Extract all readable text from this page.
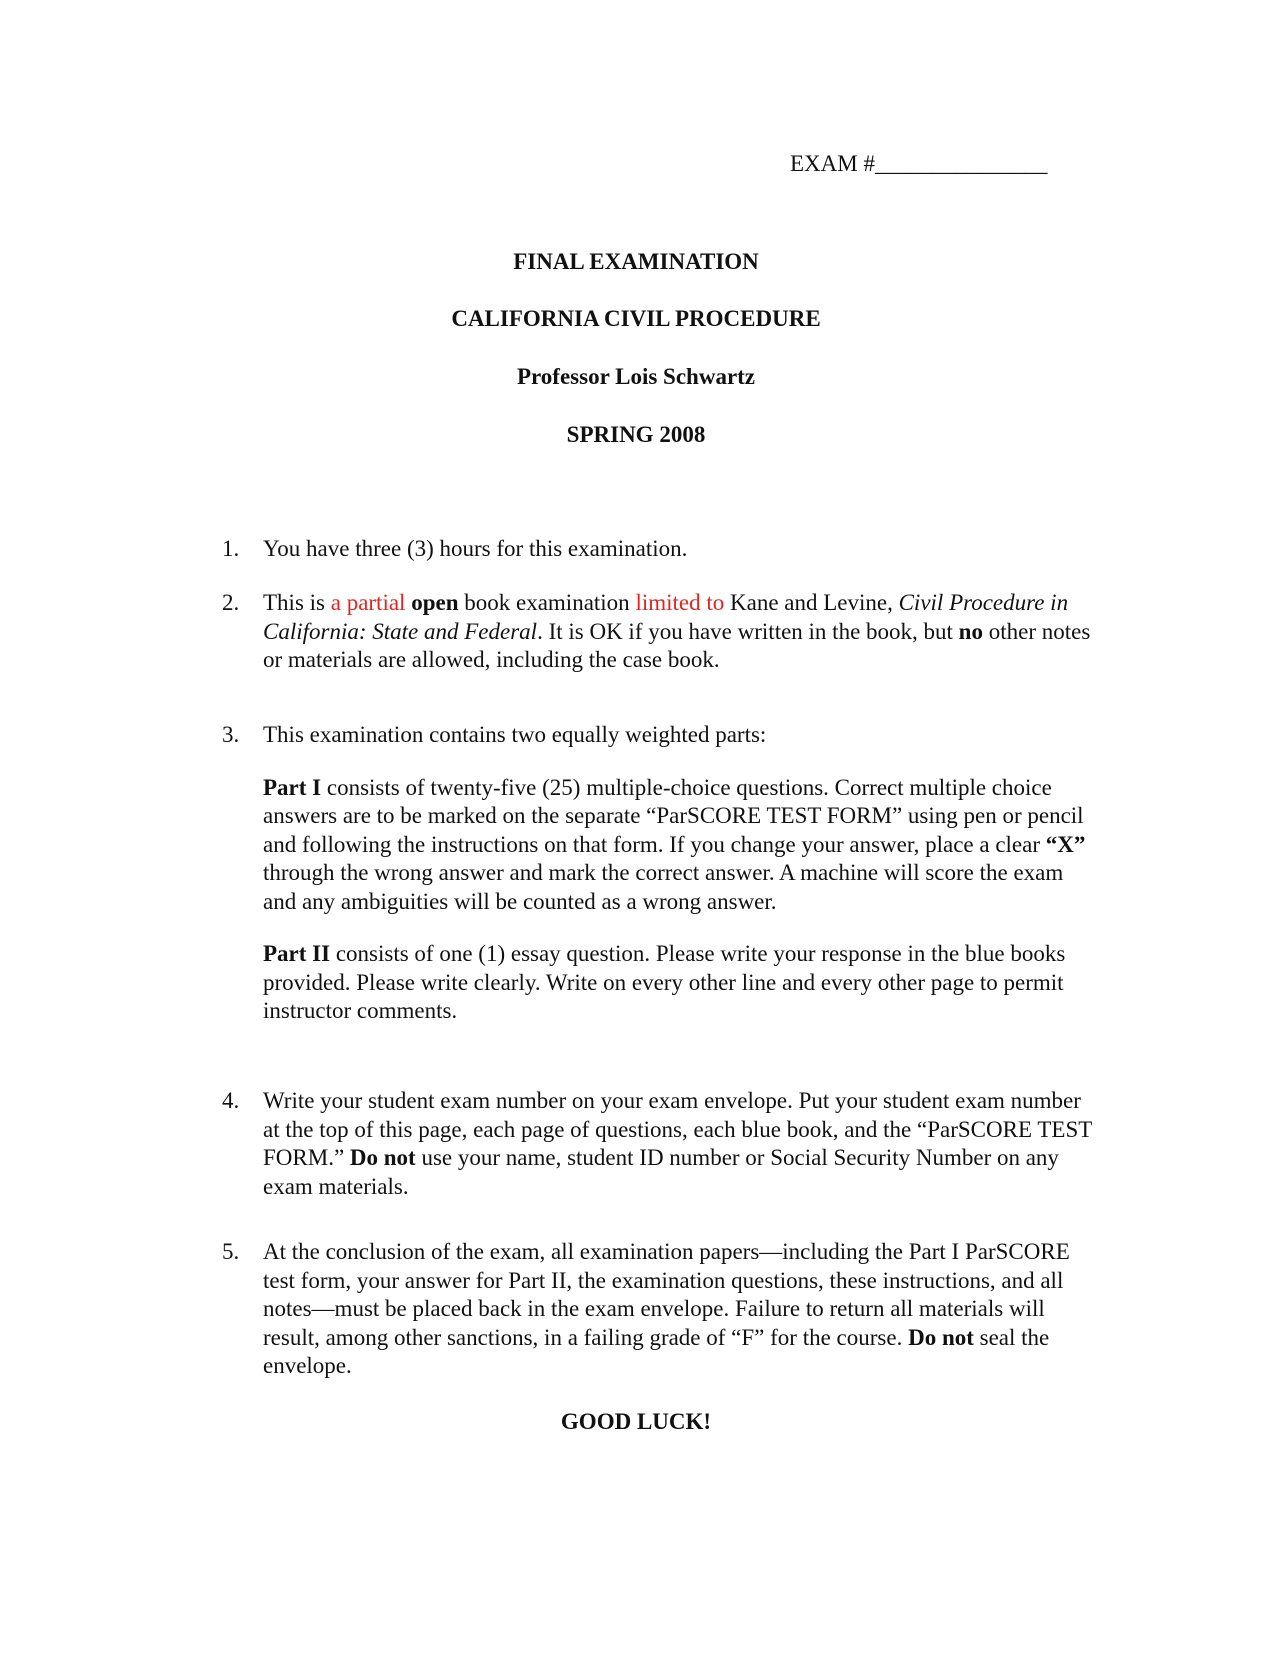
EXAM #_______________
FINAL EXAMINATION
CALIFORNIA CIVIL PROCEDURE
Professor Lois Schwartz
SPRING 2008
1.	You have three (3) hours for this examination.

2.	This is a partial open book examination limited to Kane and Levine, Civil Procedure in California: State and Federal. It is OK if you have written in the book, but no other notes or materials are allowed, including the case book.

3.	This examination contains two equally weighted parts:

Part I consists of twenty-five (25) multiple-choice questions. Correct multiple choice answers are to be marked on the separate “ParSCORE TEST FORM” using pen or pencil and following the instructions on that form. If you change your answer, place a clear “X” through the wrong answer and mark the correct answer. A machine will score the exam and any ambiguities will be counted as a wrong answer.

Part II consists of one (1) essay question. Please write your response in the blue books provided. Please write clearly. Write on every other line and every other page to permit instructor comments.

4.	Write your student exam number on your exam envelope. Put your student exam number at the top of this page, each page of questions, each blue book, and the “ParSCORE TEST FORM.” Do not use your name, student ID number or Social Security Number on any exam materials.

5.	At the conclusion of the exam, all examination papers—including the Part I ParSCORE test form, your answer for Part II, the examination questions, these instructions, and all notes—must be placed back in the exam envelope. Failure to return all materials will result, among other sanctions, in a failing grade of “F” for the course. Do not seal the envelope.

GOOD LUCK!
